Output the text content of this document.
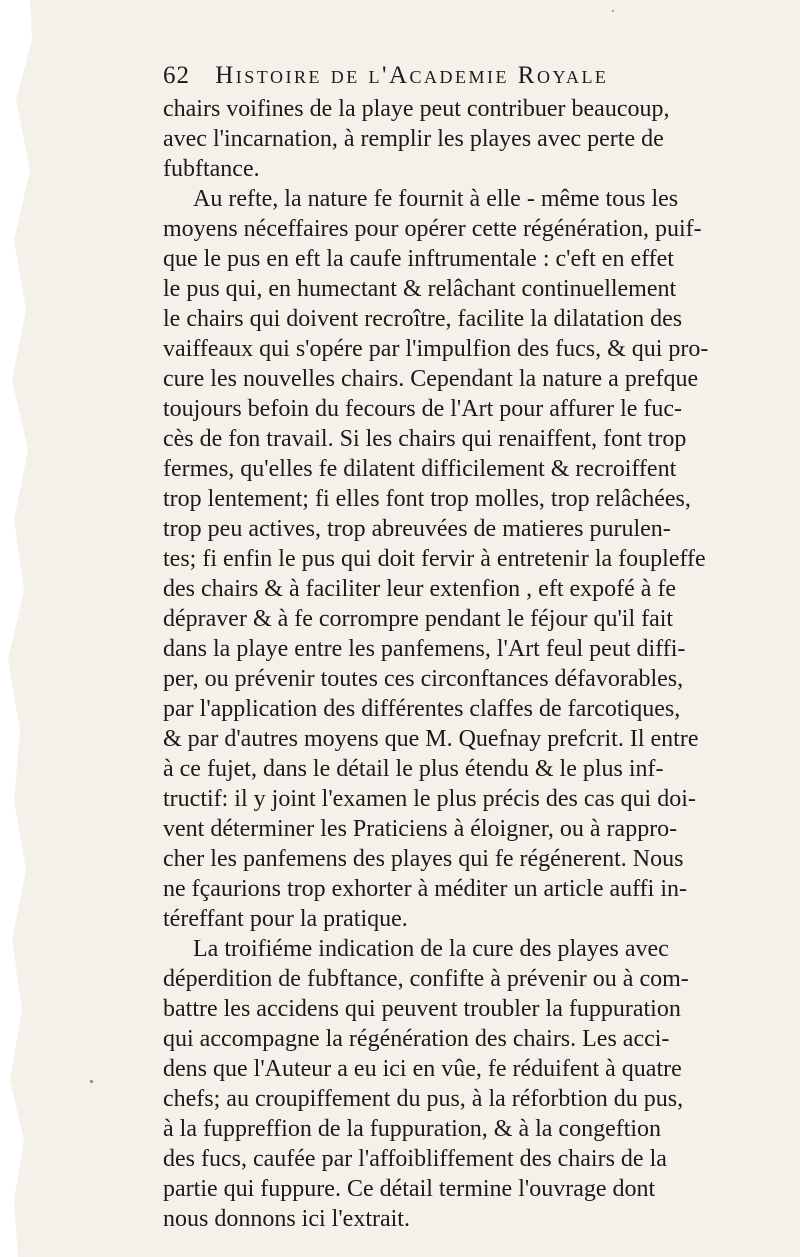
62 Histoire de l'Academie Royale
chairs voifines de la playe peut contribuer beaucoup,
avec l'incarnation, à remplir les playes avec perte de
fubftance.
Au refte, la nature fe fournit à elle - même tous les
moyens néceffaires pour opérer cette régénération, puif-
que le pus en eft la caufe inftrumentale : c'eft en effet
le pus qui, en humectant & relâchant continuellement
le chairs qui doivent recroître, facilite la dilatation des
vaiffeaux qui s'opére par l'impulfion des fucs, & qui pro-
cure les nouvelles chairs. Cependant la nature a prefque
toujours befoin du fecours de l'Art pour affurer le fuc-
cès de fon travail. Si les chairs qui renaiffent, font trop
fermes, qu'elles fe dilatent difficilement & recroiffent
trop lentement; fi elles font trop molles, trop relâchées,
trop peu actives, trop abreuvées de matieres purulen-
tes; fi enfin le pus qui doit fervir à entretenir la foupleffe
des chairs & à faciliter leur extenfion , eft expofé à fe
dépraver & à fe corrompre pendant le féjour qu'il fait
dans la playe entre les panfemens, l'Art feul peut diffi-
per, ou prévenir toutes ces circonftances défavorables,
par l'application des différentes claffes de farcotiques,
& par d'autres moyens que M. Quefnay prefcrit. Il entre
à ce fujet, dans le détail le plus étendu & le plus inf-
tructif: il y joint l'examen le plus précis des cas qui doi-
vent déterminer les Praticiens à éloigner, ou à rappro-
cher les panfemens des playes qui fe régénerent. Nous
ne fçaurions trop exhorter à méditer un article auffi in-
téreffant pour la pratique.
La troifiéme indication de la cure des playes avec
déperdition de fubftance, confifte à prévenir ou à com-
battre les accidens qui peuvent troubler la fuppuration
qui accompagne la régénération des chairs. Les acci-
dens que l'Auteur a eu ici en vûe, fe réduifent à quatre
chefs; au croupiffement du pus, à la réforbtion du pus,
à la fuppreffion de la fuppuration, & à la congeftion
des fucs, caufée par l'affoibliffement des chairs de la
partie qui fuppure. Ce détail termine l'ouvrage dont
nous donnons ici l'extrait.
